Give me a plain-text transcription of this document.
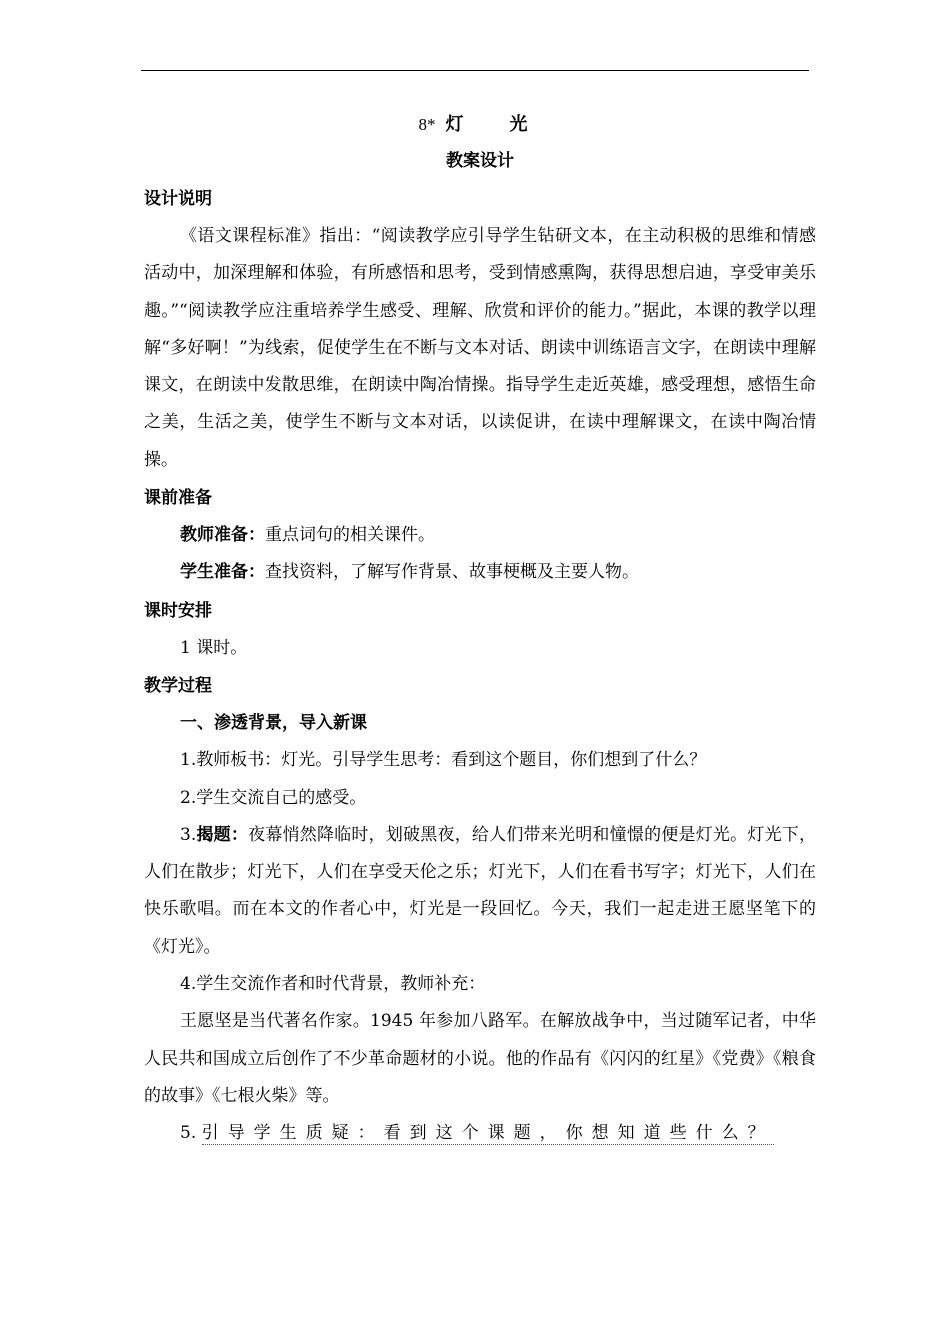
8* 灯　光
教案设计
设计说明

《语文课程标准》指出：“阅读教学应引导学生钻研文本，在主动积极的思维和情感活动中，加深理解和体验，有所感悟和思考，受到情感熏陶，获得思想启迪，享受审美乐趣。”“阅读教学应注重培养学生感受、理解、欣赏和评价的能力。”据此，本课的教学以理解“多好啊！”为线索，促使学生在不断与文本对话、朗读中训练语言文字，在朗读中理解课文，在朗读中发散思维，在朗读中陶冶情操。指导学生走近英雄，感受理想，感悟生命之美，生活之美，使学生不断与文本对话，以读促讲，在读中理解课文，在读中陶冶情操。

课前准备

教师准备：重点词句的相关课件。

学生准备：查找资料，了解写作背景、故事梗概及主要人物。

课时安排

1 课时。

教学过程

一、渗透背景，导入新课

1.教师板书：灯光。引导学生思考：看到这个题目，你们想到了什么？

2.学生交流自己的感受。

3.揭题：夜幕悄然降临时，划破黑夜，给人们带来光明和憧憬的便是灯光。灯光下，人们在散步；灯光下，人们在享受天伦之乐；灯光下，人们在看书写字；灯光下，人们在快乐歌唱。而在本文的作者心中，灯光是一段回忆。今天，我们一起走进王愿坚笔下的《灯光》。

4.学生交流作者和时代背景，教师补充：

王愿坚是当代著名作家。1945 年参加八路军。在解放战争中，当过随军记者，中华人民共和国成立后创作了不少革命题材的小说。他的作品有《闪闪的红星》《党费》《粮食的故事》《七根火柴》等。

5. 引导学生质疑：看到这个课题，你想知道些什么？
